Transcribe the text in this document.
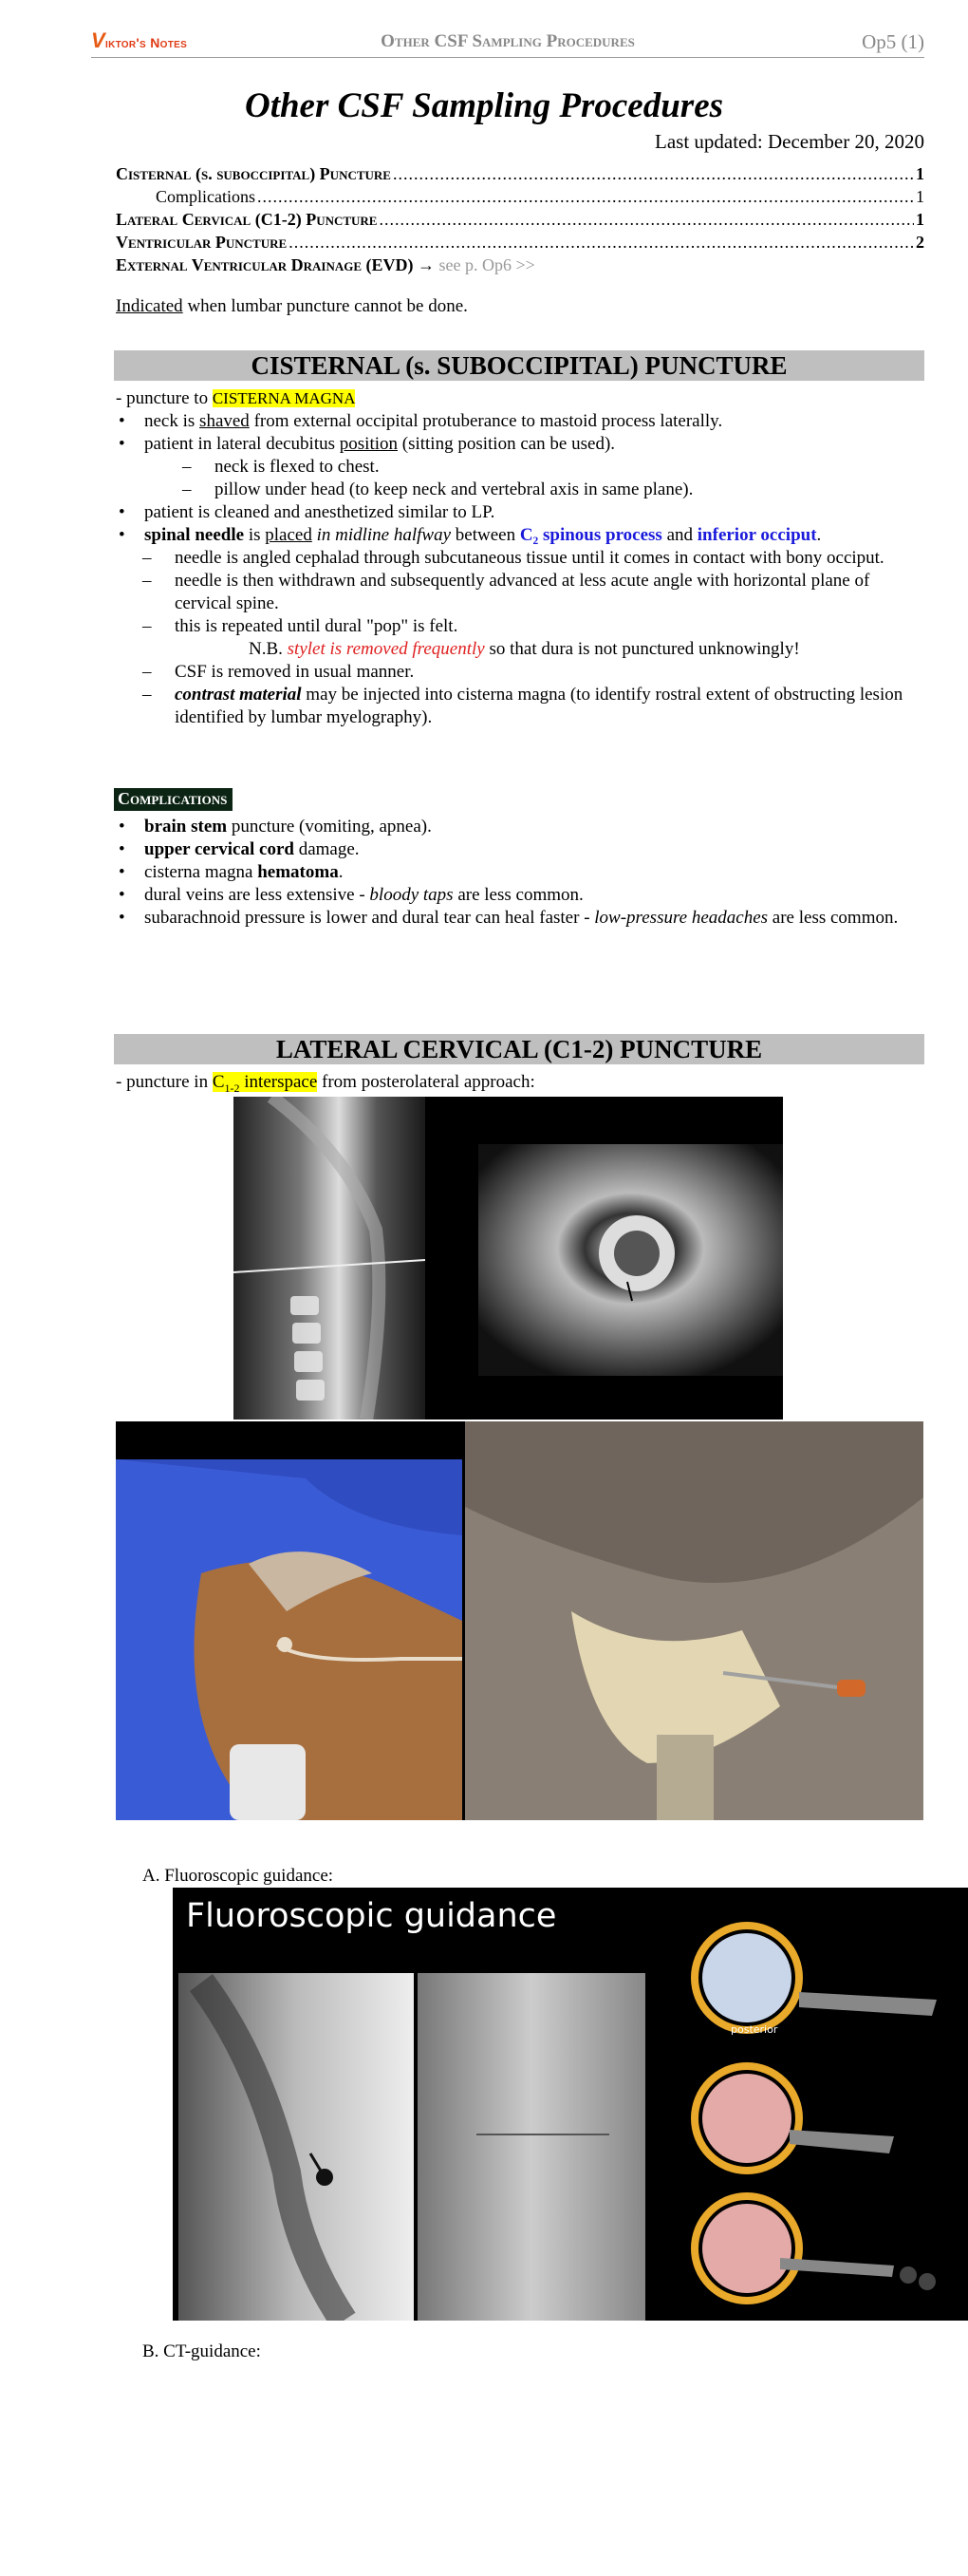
Viktor's Notes	Other CSF Sampling Procedures	Op5 (1)
Other CSF Sampling Procedures
Last updated: December 20, 2020
Cisternal (s. suboccipital) Puncture .....	1
Complications .....	1
Lateral Cervical (C1-2) Puncture .....	1
Ventricular Puncture .....	2
External Ventricular Drainage (EVD) →
see p. Op6 >>
Indicated when lumbar puncture cannot be done.
CISTERNAL (s. SUBOCCIPITAL) PUNCTURE
- puncture to CISTERNA MAGNA
• neck is shaved from external occipital protuberance to mastoid process laterally.
• patient in lateral decubitus position (sitting position can be used).
– neck is flexed to chest.
– pillow under head (to keep neck and vertebral axis in same plane).
• patient is cleaned and anesthetized similar to LP.
• spinal needle is placed in midline halfway between C₂ spinous process and inferior occiput.
– needle is angled cephalad through subcutaneous tissue until it comes in contact with bony occiput.
– needle is then withdrawn and subsequently advanced at less acute angle with horizontal plane of cervical spine.
– this is repeated until dural "pop" is felt.
N.B. stylet is removed frequently so that dura is not punctured unknowingly!
– CSF is removed in usual manner.
– contrast material may be injected into cisterna magna (to identify rostral extent of obstructing lesion identified by lumbar myelography).
Complications
• brain stem puncture (vomiting, apnea).
• upper cervical cord damage.
• cisterna magna hematoma.
• dural veins are less extensive - bloody taps are less common.
• subarachnoid pressure is lower and dural tear can heal faster - low-pressure headaches are less common.
LATERAL CERVICAL (C1-2) PUNCTURE
- puncture in $C_{1-2}$ interspace from posterolateral approach:
A. Fluoroscopic guidance:
Fluoroscopic guidance
posterior
B. CT-guidance:
